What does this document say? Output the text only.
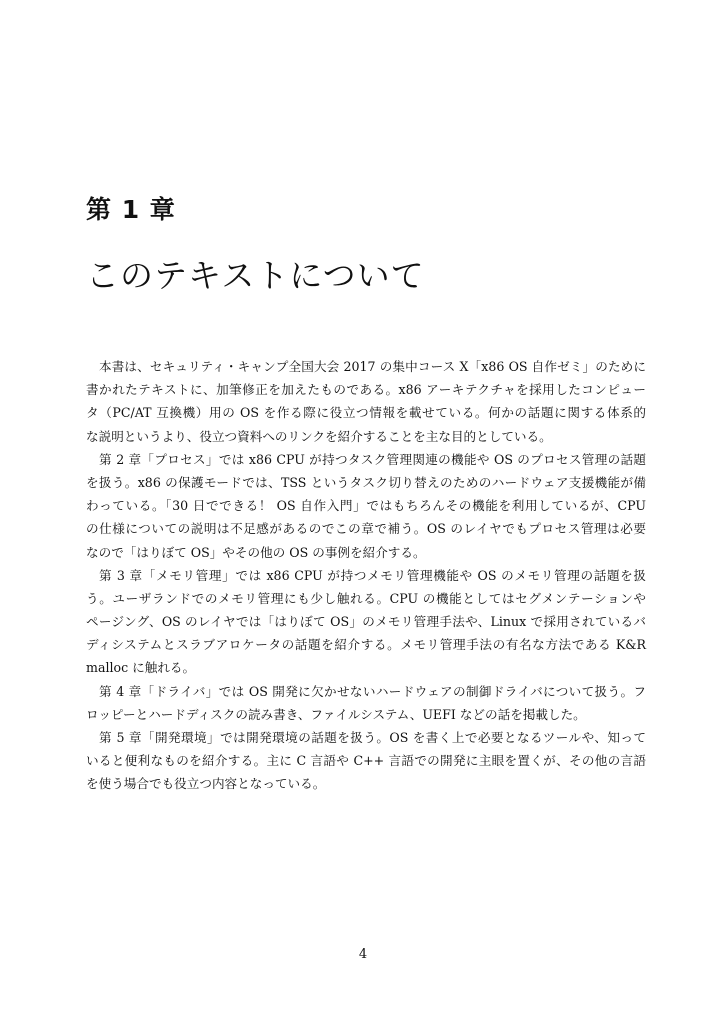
第 1 章
このテキストについて
本書は、セキュリティ・キャンプ全国大会 2017 の集中コース X「x86 OS 自作ゼミ」のために
書かれたテキストに、加筆修正を加えたものである。x86 アーキテクチャを採用したコンピュー
タ（PC/AT 互換機）用の OS を作る際に役立つ情報を載せている。何かの話題に関する体系的
な説明というより、役立つ資料へのリンクを紹介することを主な目的としている。
第 2 章「プロセス」では x86 CPU が持つタスク管理関連の機能や OS のプロセス管理の話題
を扱う。x86 の保護モードでは、TSS というタスク切り替えのためのハードウェア支援機能が備
わっている。「30 日でできる！ OS 自作入門」ではもちろんその機能を利用しているが、CPU
の仕様についての説明は不足感があるのでこの章で補う。OS のレイヤでもプロセス管理は必要
なので「はりぼて OS」やその他の OS の事例を紹介する。
第 3 章「メモリ管理」では x86 CPU が持つメモリ管理機能や OS のメモリ管理の話題を扱
う。ユーザランドでのメモリ管理にも少し触れる。CPU の機能としてはセグメンテーションや
ページング、OS のレイヤでは「はりぼて OS」のメモリ管理手法や、Linux で採用されているバ
ディシステムとスラブアロケータの話題を紹介する。メモリ管理手法の有名な方法である K&R
malloc に触れる。
第 4 章「ドライバ」では OS 開発に欠かせないハードウェアの制御ドライバについて扱う。フ
ロッピーとハードディスクの読み書き、ファイルシステム、UEFI などの話を掲載した。
第 5 章「開発環境」では開発環境の話題を扱う。OS を書く上で必要となるツールや、知って
いると便利なものを紹介する。主に C 言語や C++ 言語での開発に主眼を置くが、その他の言語
を使う場合でも役立つ内容となっている。
4
